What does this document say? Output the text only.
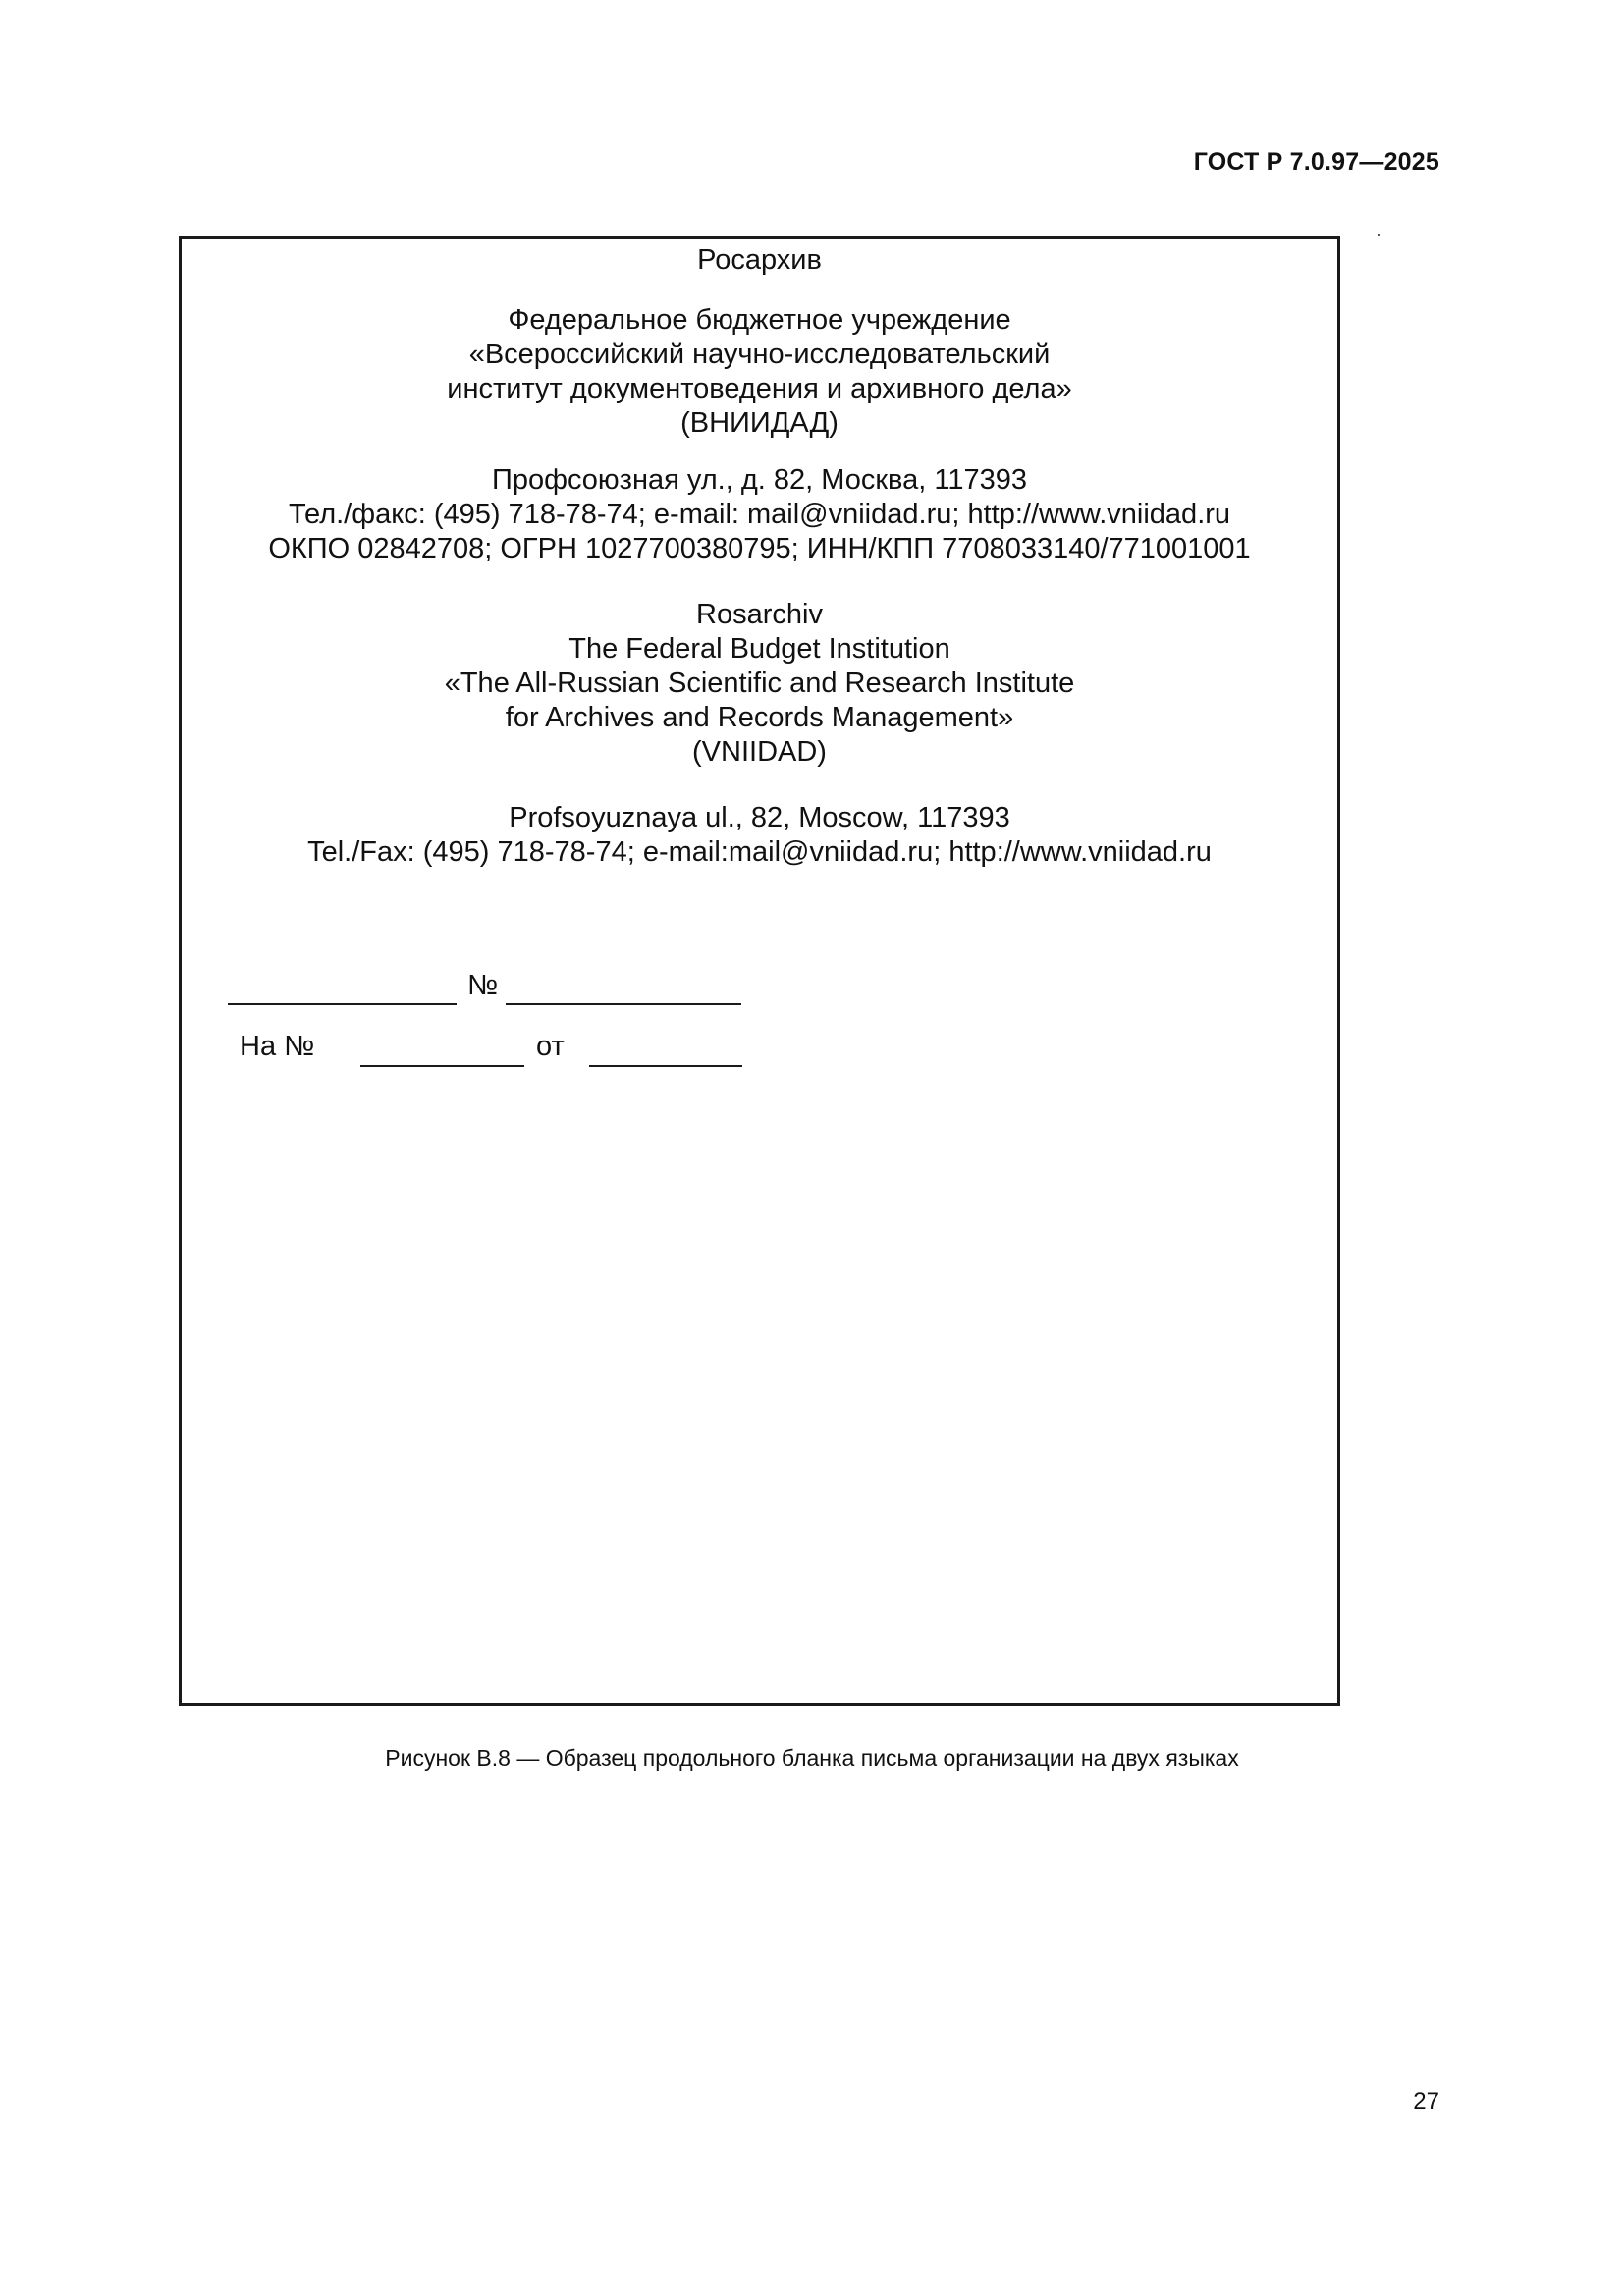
ГОСТ Р 7.0.97—2025
Росархив
Федеральное бюджетное учреждение
«Всероссийский научно-исследовательский
институт документоведения и архивного дела»
(ВНИИДАД)
Профсоюзная ул., д. 82, Москва, 117393
Тел./факс: (495) 718-78-74; e-mail: mail@vniidad.ru; http://www.vniidad.ru
ОКПО 02842708; ОГРН 1027700380795; ИНН/КПП 7708033140/771001001
Rosarchiv
The Federal Budget Institution
«The All-Russian Scientific and Research Institute
for Archives and Records Management»
(VNIIDAD)
Profsoyuznaya ul., 82, Moscow, 117393
Tel./Fax: (495) 718-78-74; e-mail:mail@vniidad.ru; http://www.vniidad.ru
№
На №	от
Рисунок В.8 — Образец продольного бланка письма организации на двух языках
27
